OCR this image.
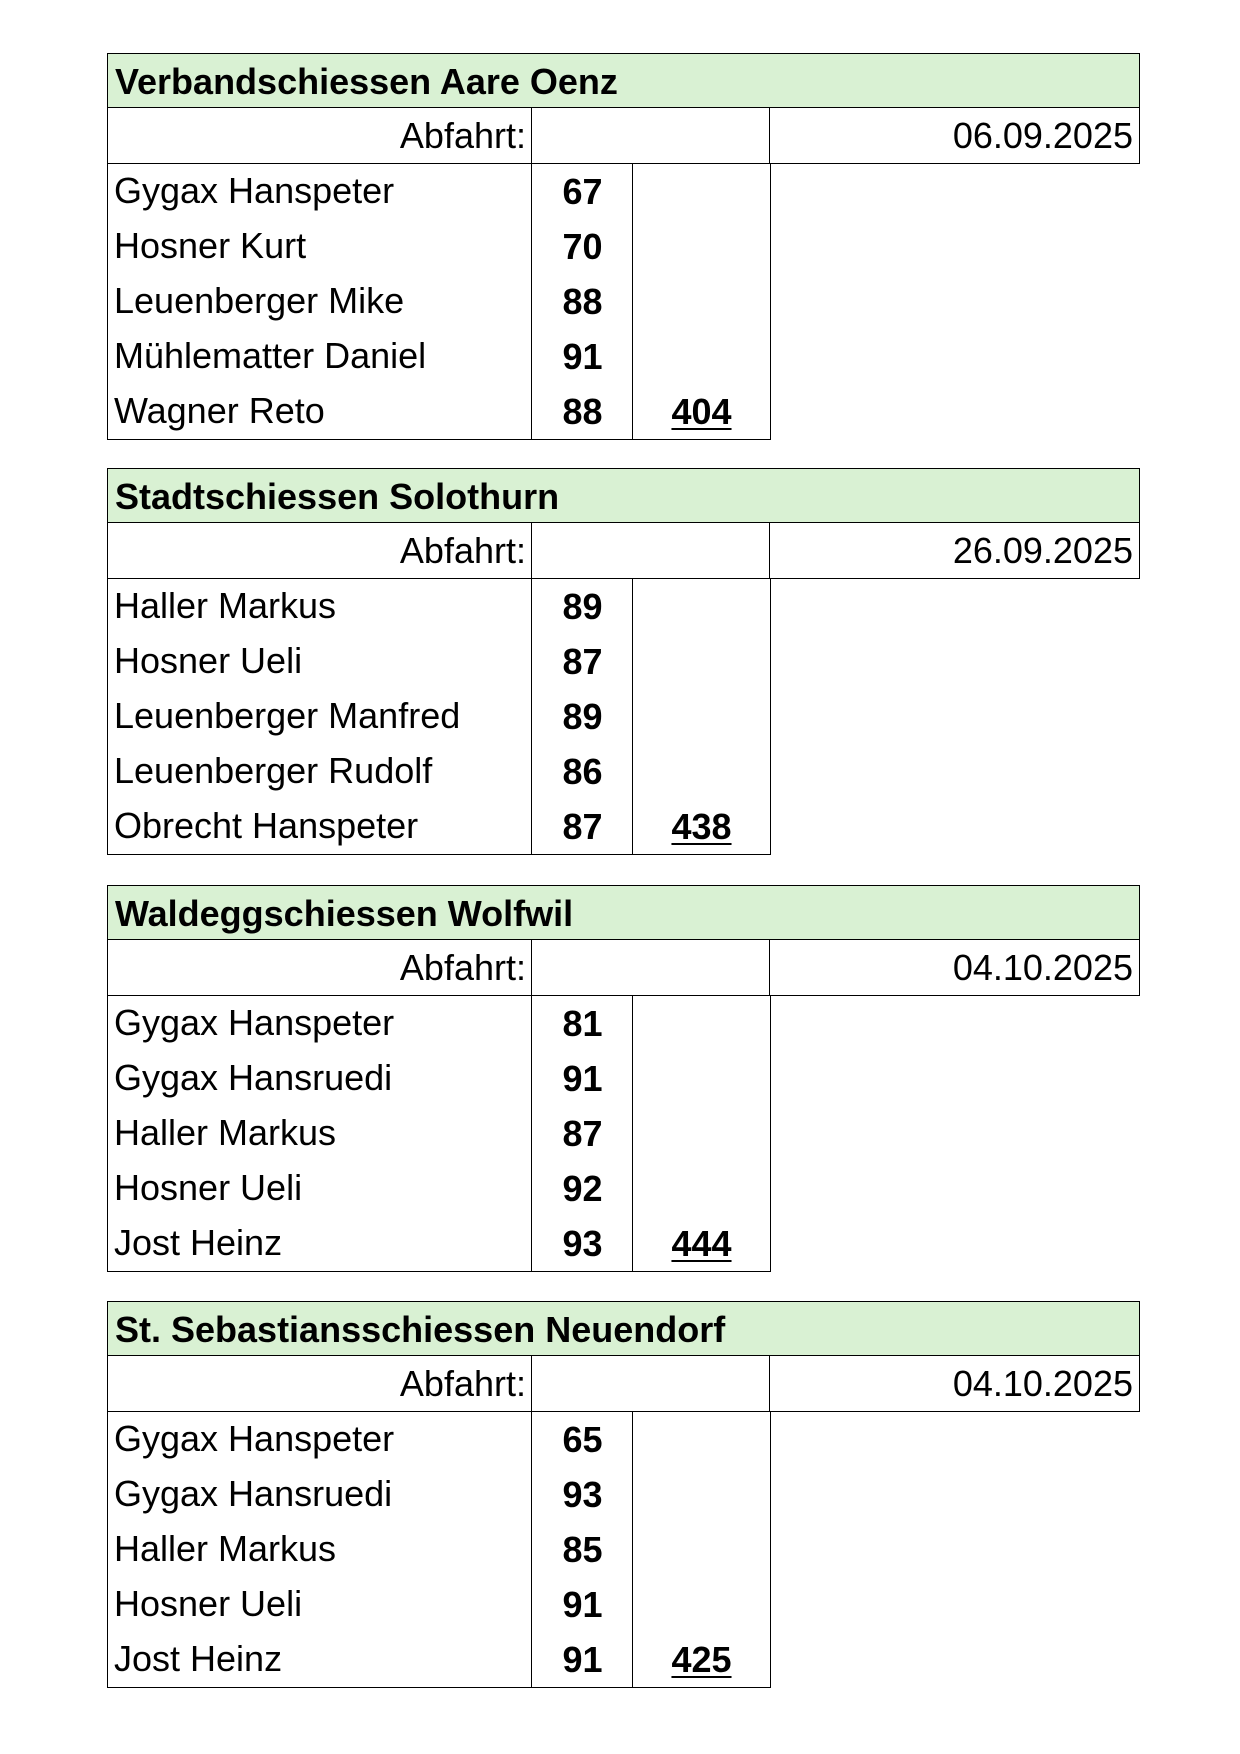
Verbandschiessen Aare Oenz
Abfahrt:	06.09.2025
Gygax Hanspeter	67
Hosner Kurt	70
Leuenberger Mike	88
Mühlematter Daniel	91
Wagner Reto	88	404
Stadtschiessen Solothurn
Abfahrt:	26.09.2025
Haller Markus	89
Hosner Ueli	87
Leuenberger Manfred	89
Leuenberger Rudolf	86
Obrecht Hanspeter	87	438
Waldeggschiessen Wolfwil
Abfahrt:	04.10.2025
Gygax Hanspeter	81
Gygax Hansruedi	91
Haller Markus	87
Hosner Ueli	92
Jost Heinz	93	444
St. Sebastiansschiessen Neuendorf
Abfahrt:	04.10.2025
Gygax Hanspeter	65
Gygax Hansruedi	93
Haller Markus	85
Hosner Ueli	91
Jost Heinz	91	425
